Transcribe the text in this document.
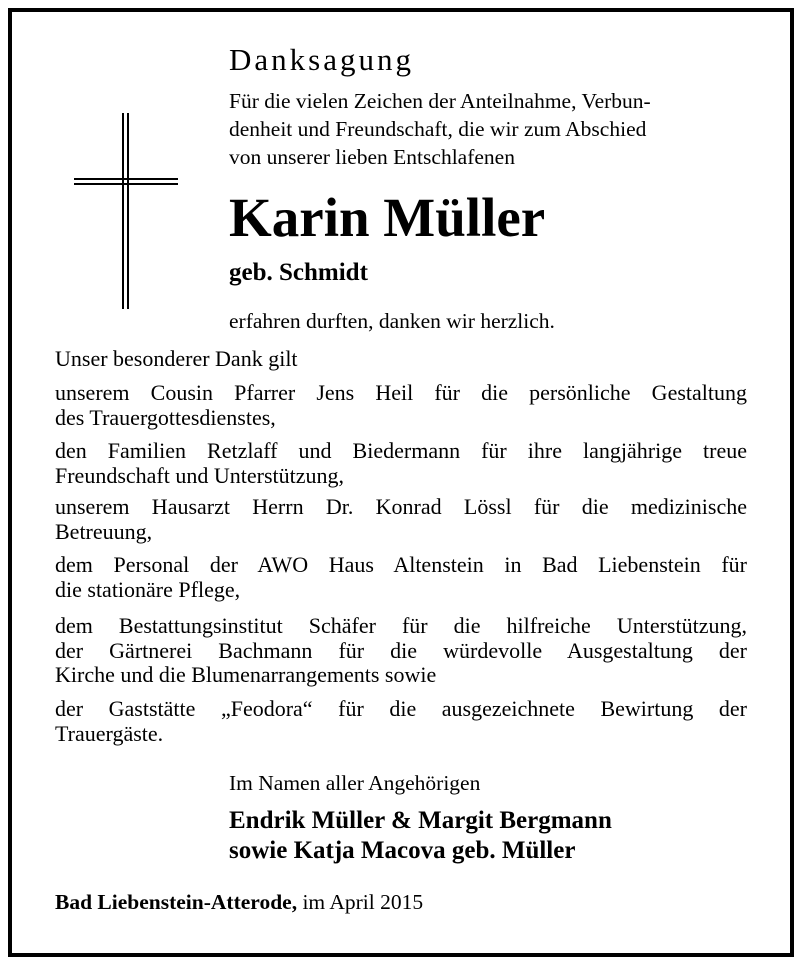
Danksagung
Für die vielen Zeichen der Anteilnahme, Verbun-
denheit und Freundschaft, die wir zum Abschied
von unserer lieben Entschlafenen
Karin Müller
geb. Schmidt
erfahren durften, danken wir herzlich.
Unser besonderer Dank gilt
unserem Cousin Pfarrer Jens Heil für die persönliche Gestaltung
des Trauergottesdienstes,
den Familien Retzlaff und Biedermann für ihre langjährige treue
Freundschaft und Unterstützung,
unserem Hausarzt Herrn Dr. Konrad Lössl für die medizinische
Betreuung,
dem Personal der AWO Haus Altenstein in Bad Liebenstein für
die stationäre Pflege,
dem Bestattungsinstitut Schäfer für die hilfreiche Unterstützung,
der Gärtnerei Bachmann für die würdevolle Ausgestaltung der
Kirche und die Blumenarrangements sowie
der Gaststätte „Feodora“ für die ausgezeichnete Bewirtung der
Trauergäste.
Im Namen aller Angehörigen
Endrik Müller & Margit Bergmann
sowie Katja Macova geb. Müller
Bad Liebenstein-Atterode, im April 2015
